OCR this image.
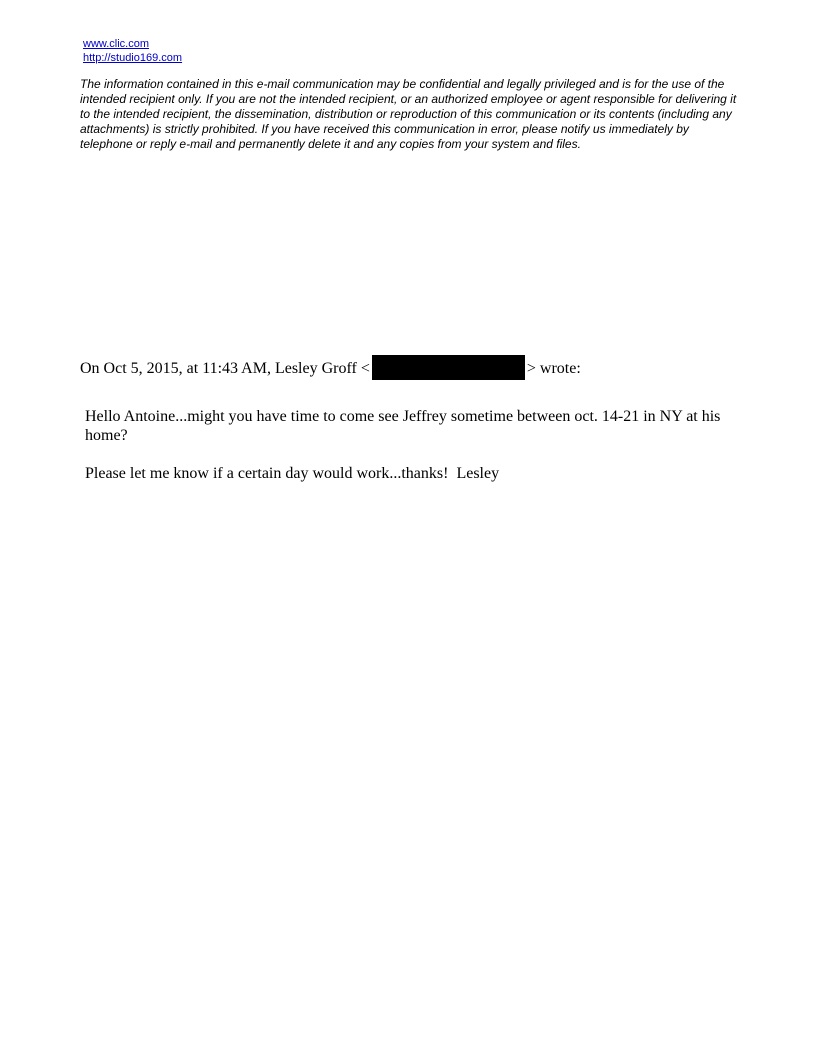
www.clic.com
http://studio169.com

The information contained in this e-mail communication may be confidential and legally privileged and is for the use of the intended recipient only. If you are not the intended recipient, or an authorized employee or agent responsible for delivering it to the intended recipient, the dissemination, distribution or reproduction of this communication or its contents (including any attachments) is strictly prohibited. If you have received this communication in error, please notify us immediately by telephone or reply e-mail and permanently delete it and any copies from your system and files.

On Oct 5, 2015, at 11:43 AM, Lesley Groff <	> wrote:

Hello Antoine...might you have time to come see Jeffrey sometime between oct. 14-21 in NY at his home?

Please let me know if a certain day would work...thanks!  Lesley
